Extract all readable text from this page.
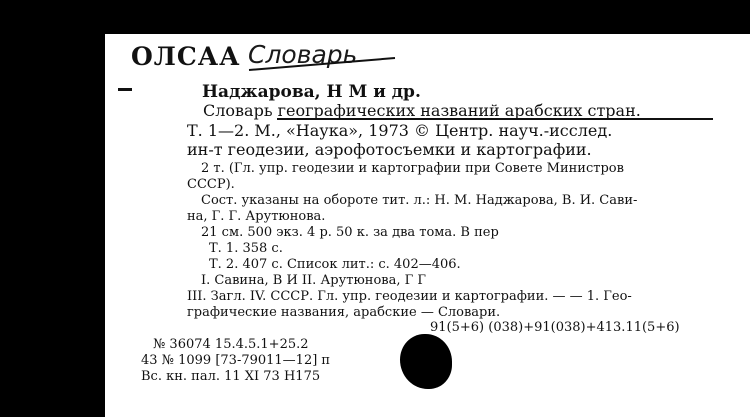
ОЛСАА Словарь
Наджарова, Н М и др.
Словарь географических названий арабских стран.
Т. 1—2. М., «Наука», 1973 © Центр. науч.-исслед.
ин-т геодезии, аэрофотосъемки и картографии.
2 т. (Гл. упр. геодезии и картографии при Совете Министров
СССР).
Сост. указаны на обороте тит. л.: Н. М. Наджарова, В. И. Сави-
на, Г. Г. Арутюнова.
21 см. 500 экз. 4 р. 50 к. за два тома. В пер
Т. 1. 358 с.
Т. 2. 407 с. Список лит.: с. 402—406.
I. Савина, В И II. Арутюнова, Г Г
III. Загл. IV. СССР. Гл. упр. геодезии и картографии. — — 1. Гео-
графические названия, арабские — Словари.
91(5+6) (038)+91(038)+413.11(5+6)
№ 36074 15.4.5.1+25.2
43 № 1099 [73-79011—12] п
Вс. кн. пал. 11 XI 73 Н175
